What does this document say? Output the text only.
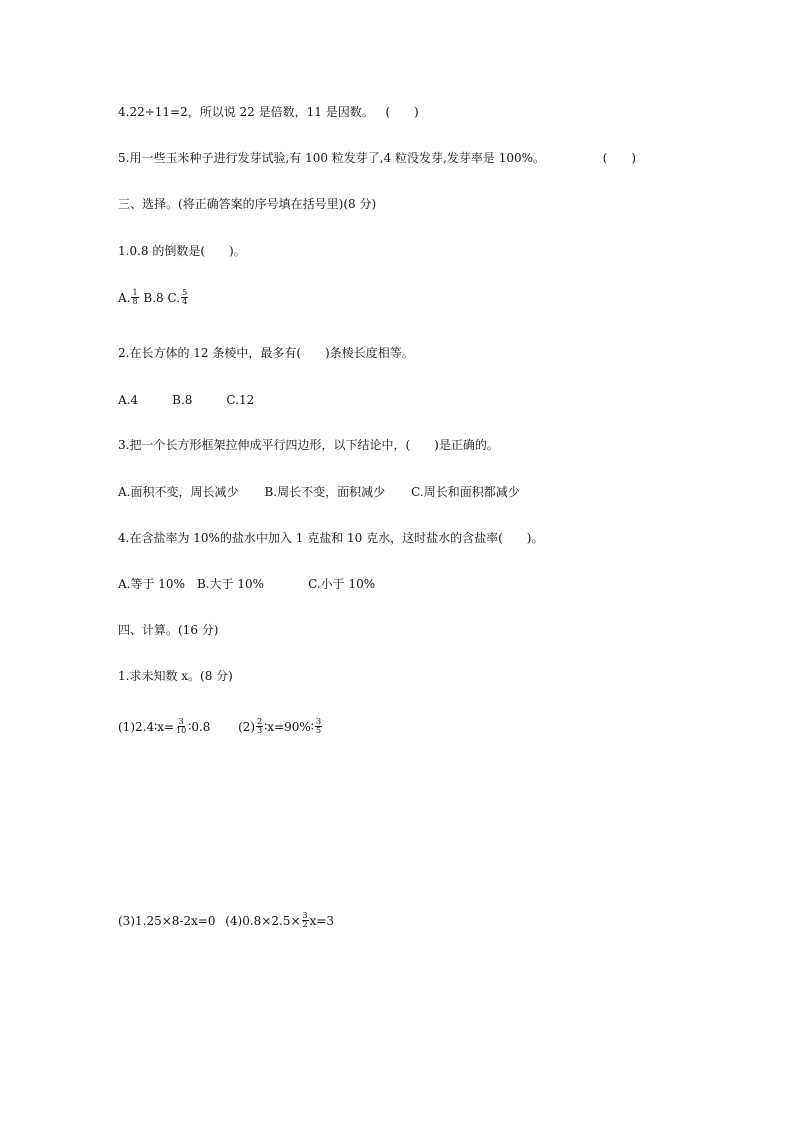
4.22÷11=2，所以说 22 是倍数，11 是因数。 (　　)
5.用一些玉米种子进行发芽试验,有 100 粒发芽了,4 粒没发芽,发芽率是 100%。	(　　)
三、选择。(将正确答案的序号填在括号里)(8 分)
1.0.8 的倒数是(　　)。
A. $\frac{1}{8} B.8$ C. $\frac{5}{4}$
2.在长方体的 12 条棱中，最多有(　　)条棱长度相等。
A.4	B.8	C.12
3.把一个长方形框架拉伸成平行四边形，以下结论中，(　　)是正确的。
A.面积不变，周长减少 B.周长不变，面积减少 C.周长和面积都减少
4.在含盐率为 10%的盐水中加入 1 克盐和 10 克水，这时盐水的含盐率(　　)。
A.等于 10% B.大于 10%	C.小于 10%
四、计算。(16 分)
1.求未知数 x。(8 分)
(1)2.4∶x= $\frac{3}{10}$ ∶0.8 $(2) \frac{2}{3}$ ∶x=90%∶ $\frac{3}{5}$
(3)1.25×8-2x=0 $(4)0.8\times 2.5\times \frac{3}{2} x=3$
